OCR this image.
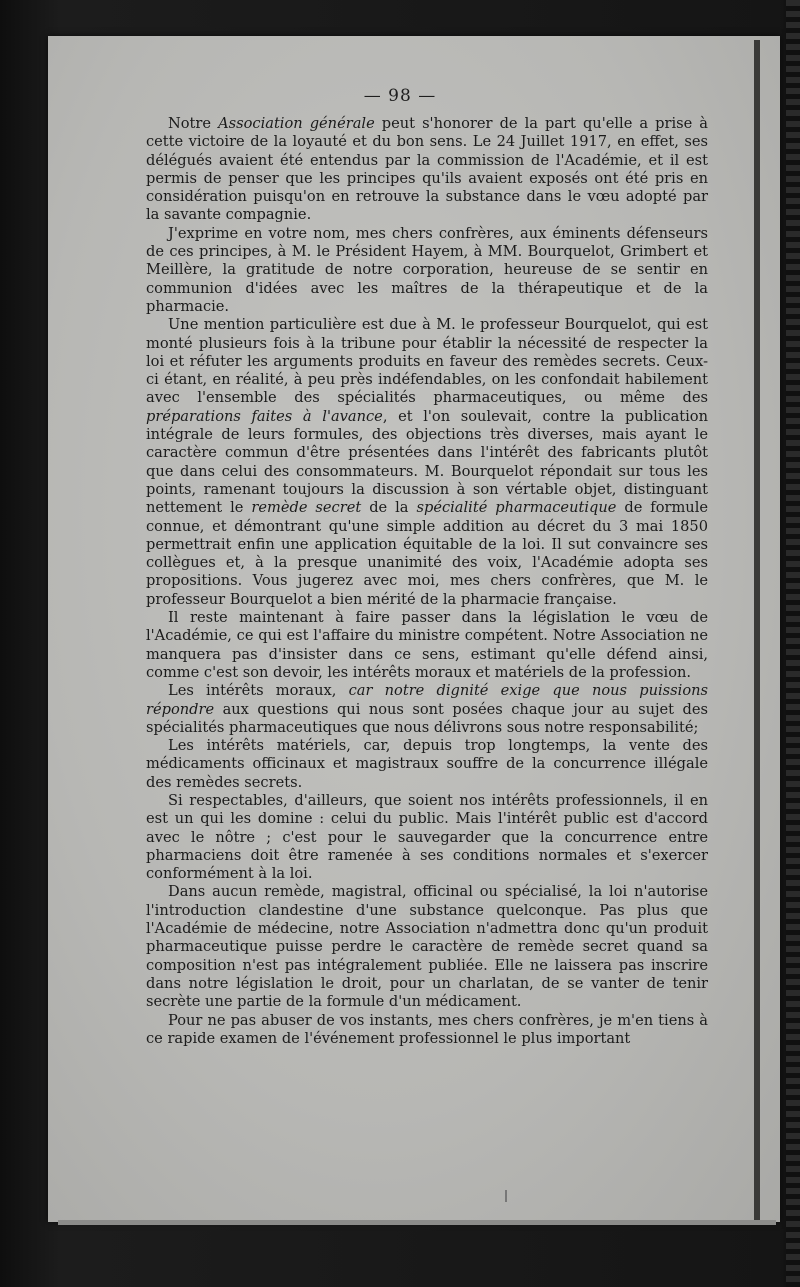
— 98 —

Notre Association générale peut s'honorer de la part qu'elle a prise à cette victoire de la loyauté et du bon sens. Le 24 Juillet 1917, en effet, ses délégués avaient été entendus par la commission de l'Académie, et il est permis de penser que les principes qu'ils avaient exposés ont été pris en considération puisqu'on en retrouve la substance dans le vœu adopté par la savante compagnie.

J'exprime en votre nom, mes chers confrères, aux éminents défenseurs de ces principes, à M. le Président Hayem, à MM. Bourquelot, Grimbert et Meillère, la gratitude de notre corporation, heureuse de se sentir en communion d'idées avec les maîtres de la thérapeutique et de la pharmacie.

Une mention particulière est due à M. le professeur Bourquelot, qui est monté plusieurs fois à la tribune pour établir la nécessité de respecter la loi et réfuter les arguments produits en faveur des remèdes secrets. Ceux-ci étant, en réalité, à peu près indéfendables, on les confondait habilement avec l'ensemble des spécialités pharmaceutiques, ou même des préparations faites à l'avance, et l'on soulevait, contre la publication intégrale de leurs formules, des objections très diverses, mais ayant le caractère commun d'être présentées dans l'intérêt des fabricants plutôt que dans celui des consommateurs. M. Bourquelot répondait sur tous les points, ramenant toujours la discussion à son vértable objet, distinguant nettement le remède secret de la spécialité pharmaceutique de formule connue, et démontrant qu'une simple addition au décret du 3 mai 1850 permettrait enfin une application équitable de la loi. Il sut convaincre ses collègues et, à la presque unanimité des voix, l'Académie adopta ses propositions. Vous jugerez avec moi, mes chers confrères, que M. le professeur Bourquelot a bien mérité de la pharmacie française.

Il reste maintenant à faire passer dans la législation le vœu de l'Académie, ce qui est l'affaire du ministre compétent. Notre Association ne manquera pas d'insister dans ce sens, estimant qu'elle défend ainsi, comme c'est son devoir, les intérêts moraux et matériels de la profession.

Les intérêts moraux, car notre dignité exige que nous puissions répondre aux questions qui nous sont posées chaque jour au sujet des spécialités pharmaceutiques que nous délivrons sous notre responsabilité;

Les intérêts matériels, car, depuis trop longtemps, la vente des médicaments officinaux et magistraux souffre de la concurrence illégale des remèdes secrets.

Si respectables, d'ailleurs, que soient nos intérêts professionnels, il en est un qui les domine : celui du public. Mais l'intérêt public est d'accord avec le nôtre ; c'est pour le sauvegarder que la concurrence entre pharmaciens doit être ramenée à ses conditions normales et s'exercer conformément à la loi.

Dans aucun remède, magistral, officinal ou spécialisé, la loi n'autorise l'introduction clandestine d'une substance quelconque. Pas plus que l'Académie de médecine, notre Association n'admettra donc qu'un produit pharmaceutique puisse perdre le caractère de remède secret quand sa composition n'est pas intégralement publiée. Elle ne laissera pas inscrire dans notre législation le droit, pour un charlatan, de se vanter de tenir secrète une partie de la formule d'un médicament.

Pour ne pas abuser de vos instants, mes chers confrères, je m'en tiens à ce rapide examen de l'événement professionnel le plus important
